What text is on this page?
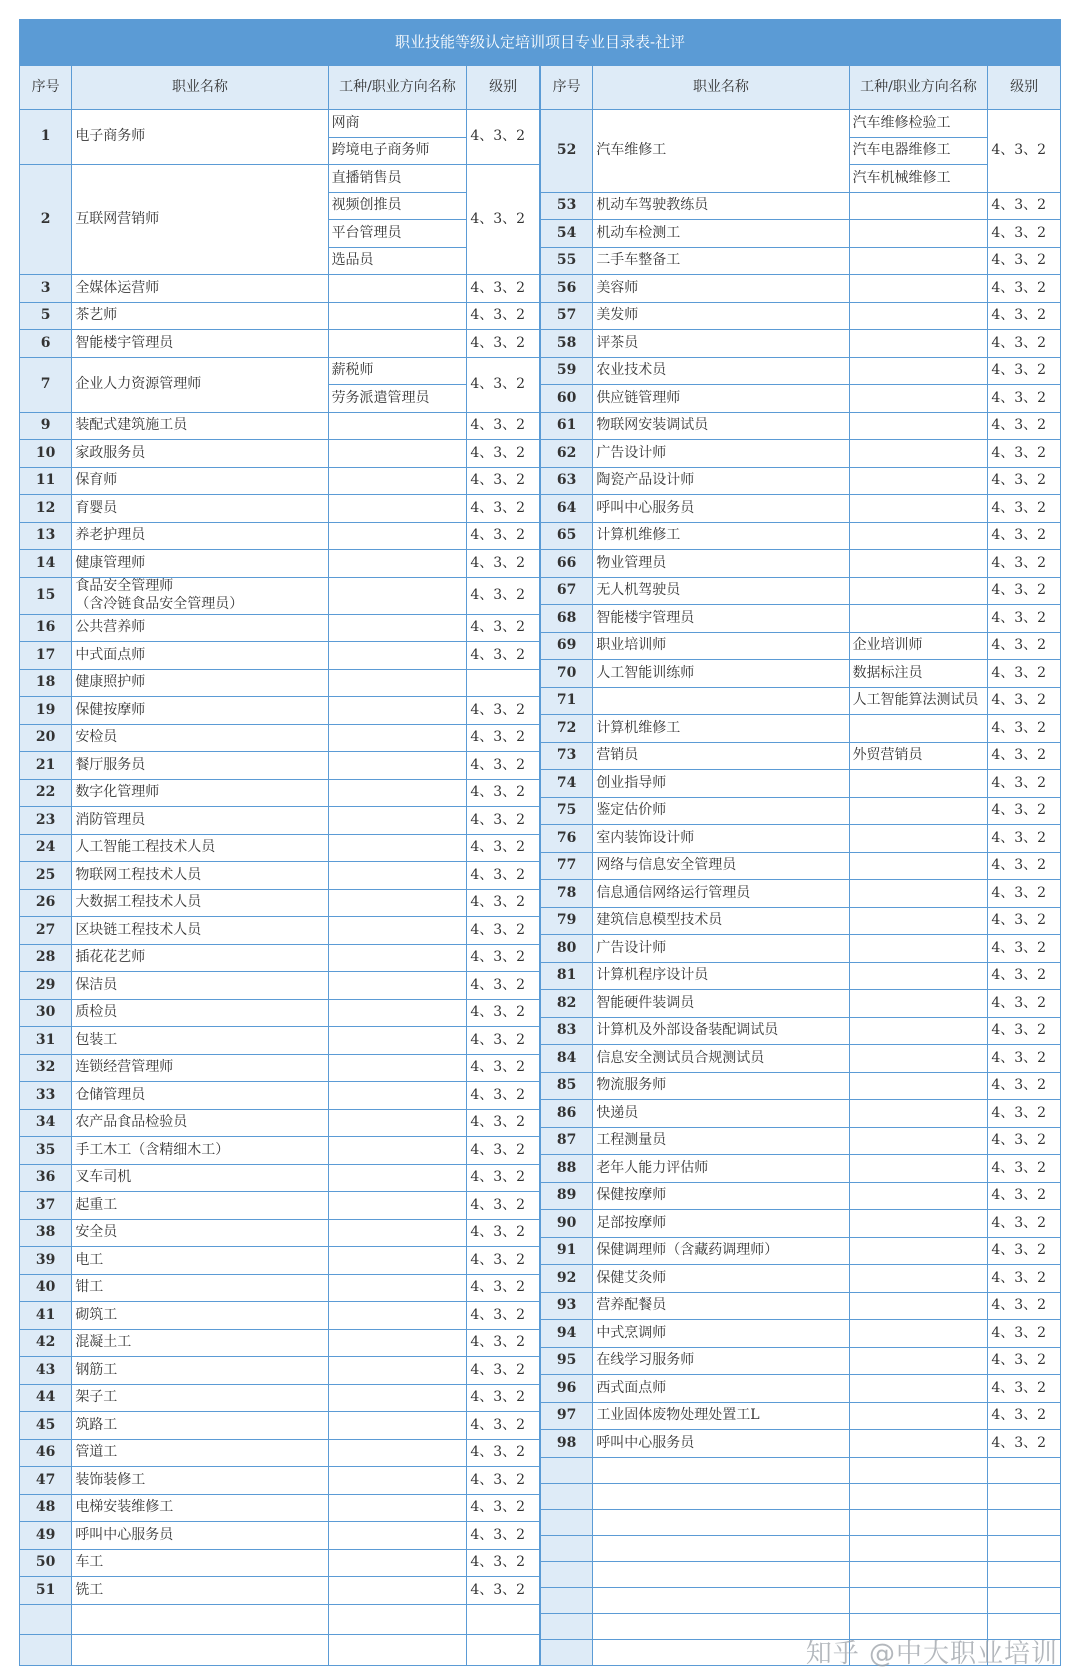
职业技能等级认定培训项目专业目录表-社评
序号	职业名称	工种/职业方向名称	级别
1	电子商务师	网商	4、3、2
		跨境电子商务师	
2	互联网营销师	直播销售员	4、3、2
		视频创推员	
		平台管理员	
		选品员	
3	全媒体运营师		4、3、2
5	茶艺师		4、3、2
6	智能楼宇管理员		4、3、2
7	企业人力资源管理师	薪税师	4、3、2
		劳务派遣管理员	
9	装配式建筑施工员		4、3、2
10	家政服务员		4、3、2
11	保育师		4、3、2
12	育婴员		4、3、2
13	养老护理员		4、3、2
14	健康管理师		4、3、2
15	食品安全管理师
（含冷链食品安全管理员）		4、3、2
16	公共营养师		4、3、2
17	中式面点师		4、3、2
18	健康照护师		
19	保健按摩师		4、3、2
20	安检员		4、3、2
21	餐厅服务员		4、3、2
22	数字化管理师		4、3、2
23	消防管理员		4、3、2
24	人工智能工程技术人员		4、3、2
25	物联网工程技术人员		4、3、2
26	大数据工程技术人员		4、3、2
27	区块链工程技术人员		4、3、2
28	插花花艺师		4、3、2
29	保洁员		4、3、2
30	质检员		4、3、2
31	包装工		4、3、2
32	连锁经营管理师		4、3、2
33	仓储管理员		4、3、2
34	农产品食品检验员		4、3、2
35	手工木工（含精细木工）		4、3、2
36	叉车司机		4、3、2
37	起重工		4、3、2
38	安全员		4、3、2
39	电工		4、3、2
40	钳工		4、3、2
41	砌筑工		4、3、2
42	混凝土工		4、3、2
43	钢筋工		4、3、2
44	架子工		4、3、2
45	筑路工		4、3、2
46	管道工		4、3、2
47	装饰装修工		4、3、2
48	电梯安装维修工		4、3、2
49	呼叫中心服务员		4、3、2
50	车工		4、3、2
51	铣工		4、3、2

序号	职业名称	工种/职业方向名称	级别
52	汽车维修工	汽车维修检验工	4、3、2
		汽车电器维修工	
		汽车机械维修工	
53	机动车驾驶教练员		4、3、2
54	机动车检测工		4、3、2
55	二手车整备工		4、3、2
56	美容师		4、3、2
57	美发师		4、3、2
58	评茶员		4、3、2
59	农业技术员		4、3、2
60	供应链管理师		4、3、2
61	物联网安装调试员		4、3、2
62	广告设计师		4、3、2
63	陶瓷产品设计师		4、3、2
64	呼叫中心服务员		4、3、2
65	计算机维修工		4、3、2
66	物业管理员		4、3、2
67	无人机驾驶员		4、3、2
68	智能楼宇管理员		4、3、2
69	职业培训师	企业培训师	4、3、2
70	人工智能训练师	数据标注员	4、3、2
71		人工智能算法测试员	4、3、2
72	计算机维修工		4、3、2
73	营销员	外贸营销员	4、3、2
74	创业指导师		4、3、2
75	鉴定估价师		4、3、2
76	室内装饰设计师		4、3、2
77	网络与信息安全管理员		4、3、2
78	信息通信网络运行管理员		4、3、2
79	建筑信息模型技术员		4、3、2
80	广告设计师		4、3、2
81	计算机程序设计员		4、3、2
82	智能硬件装调员		4、3、2
83	计算机及外部设备装配调试员		4、3、2
84	信息安全测试员合规测试员		4、3、2
85	物流服务师		4、3、2
86	快递员		4、3、2
87	工程测量员		4、3、2
88	老年人能力评估师		4、3、2
89	保健按摩师		4、3、2
90	足部按摩师		4、3、2
91	保健调理师（含藏药调理师）		4、3、2
92	保健艾灸师		4、3、2
93	营养配餐员		4、3、2
94	中式烹调师		4、3、2
95	在线学习服务师		4、3、2
96	西式面点师		4、3、2
97	工业固体废物处理处置工L		4、3、2
98	呼叫中心服务员		4、3、2

知乎 @中大职业培训
